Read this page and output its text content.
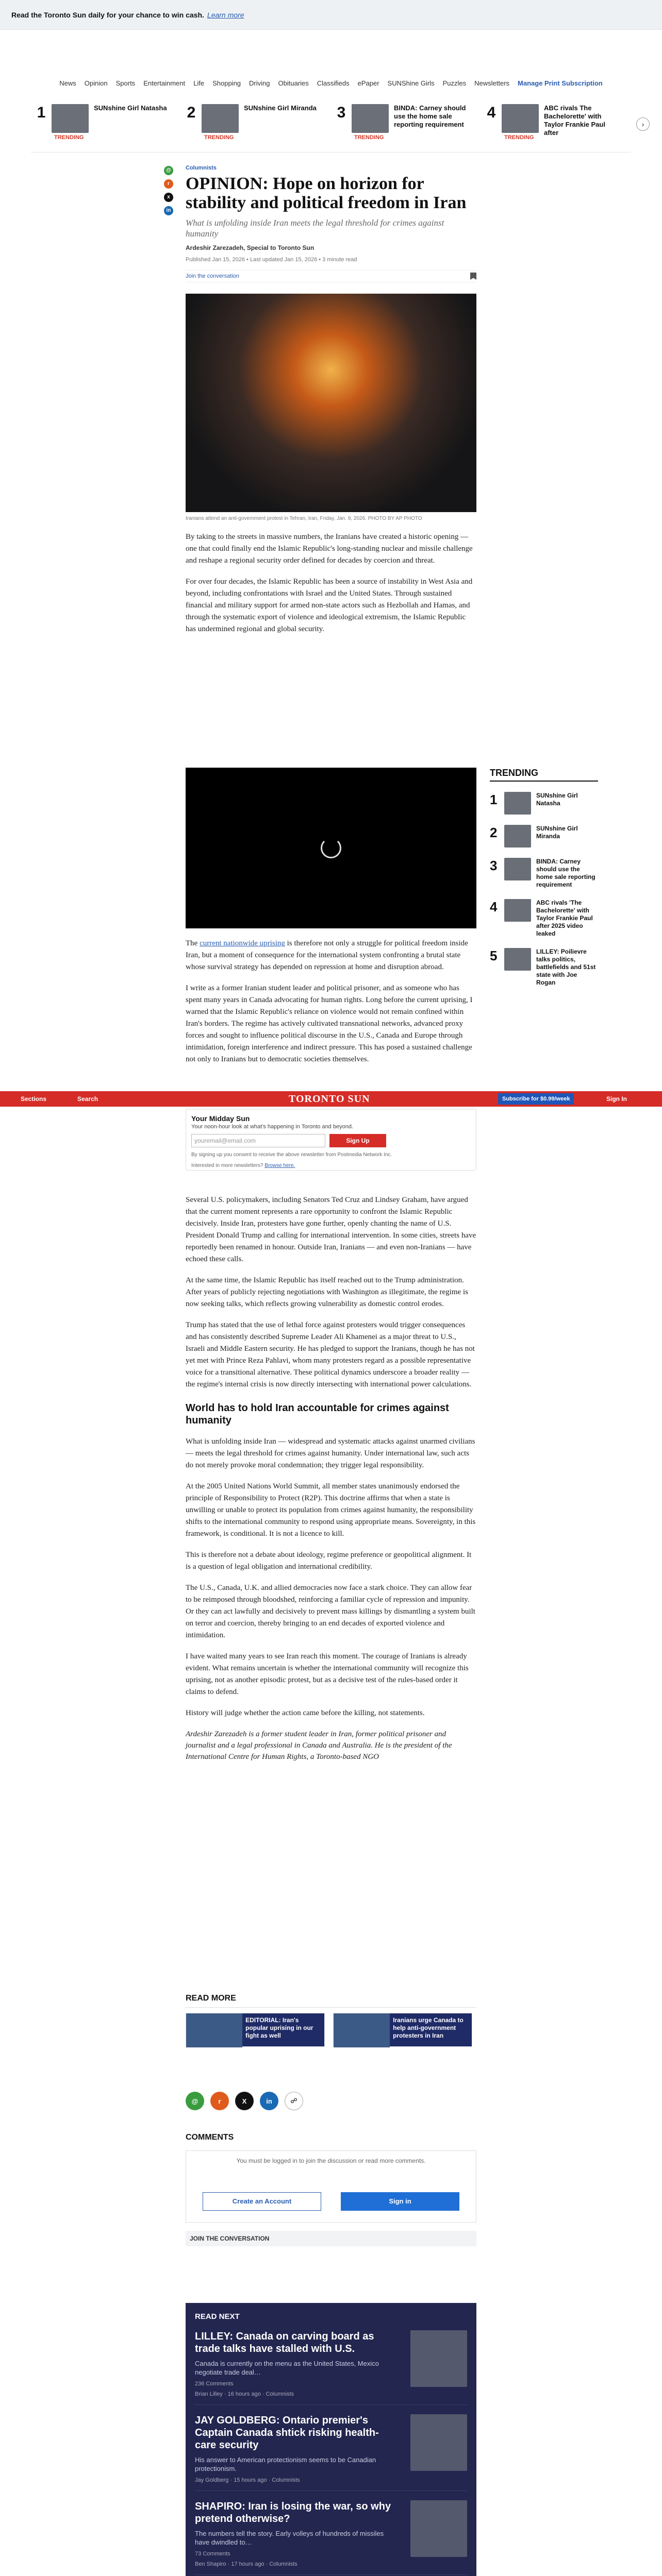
Read the Toronto Sun daily for your chance to win cash. Learn more
News	Opinion	Sports	Entertainment	Life	Shopping	Driving	Obituaries	Classifieds	ePaper	SUNShine Girls	Puzzles	Newsletters	Manage Print Subscription
1	SUNshine Girl Natasha
TRENDING
2	SUNshine Girl Miranda
TRENDING
3	BINDA: Carney should use the home sale reporting requirement
TRENDING
4	ABC rivals The Bachelorette' with Taylor Frankie Paul after
TRENDING
›
@
r
x
in
Columnists
OPINION: Hope on horizon for stability and political freedom in Iran
What is unfolding inside Iran meets the legal threshold for crimes against humanity
Ardeshir Zarezadeh, Special to Toronto Sun
Published Jan 15, 2026 • Last updated Jan 15, 2026 • 3 minute read
Join the conversation
Iranians attend an anti-government protest in Tehran, Iran, Friday, Jan. 9, 2026. PHOTO BY AP PHOTO

By taking to the streets in massive numbers, the Iranians have created a historic opening — one that could finally end the Islamic Republic's long-standing nuclear and missile challenge and reshape a regional security order defined for decades by coercion and threat.

For over four decades, the Islamic Republic has been a source of instability in West Asia and beyond, including confrontations with Israel and the United States. Through sustained financial and military support for armed non-state actors such as Hezbollah and Hamas, and through the systematic export of violence and ideological extremism, the Islamic Republic has undermined regional and global security.

The current nationwide uprising is therefore not only a struggle for political freedom inside Iran, but a moment of consequence for the international system confronting a brutal state whose survival strategy has depended on repression at home and disruption abroad.

I write as a former Iranian student leader and political prisoner, and as someone who has spent many years in Canada advocating for human rights. Long before the current uprising, I warned that the Islamic Republic's reliance on violence would not remain confined within Iran's borders. The regime has actively cultivated transnational networks, advanced proxy forces and sought to influence political discourse in the U.S., Canada and Europe through intimidation, foreign interference and indirect pressure. This has posed a sustained challenge not only to Iranians but to democratic societies themselves.

TRENDING
1	SUNshine Girl Natasha
2	SUNshine Girl Miranda
3	BINDA: Carney should use the home sale reporting requirement
4	ABC rivals 'The Bachelorette' with Taylor Frankie Paul after 2025 video leaked
5	LILLEY: Poilievre talks politics, battlefields and 51st state with Joe Rogan
Sections	Search	TORONTO SUN	Subscribe for $0.99/week	Sign In
Your Midday Sun
Your noon-hour look at what's happening in Toronto and beyond.
youremail@email.com	Sign Up
By signing up you consent to receive the above newsletter from Postmedia Network Inc.
Interested in more newsletters? Browse here.

Several U.S. policymakers, including Senators Ted Cruz and Lindsey Graham, have argued that the current moment represents a rare opportunity to confront the Islamic Republic decisively. Inside Iran, protesters have gone further, openly chanting the name of U.S. President Donald Trump and calling for international intervention. In some cities, streets have reportedly been renamed in honour. Outside Iran, Iranians — and even non-Iranians — have echoed these calls.

At the same time, the Islamic Republic has itself reached out to the Trump administration. After years of publicly rejecting negotiations with Washington as illegitimate, the regime is now seeking talks, which reflects growing vulnerability as domestic control erodes.

Trump has stated that the use of lethal force against protesters would trigger consequences and has consistently described Supreme Leader Ali Khamenei as a major threat to U.S., Israeli and Middle Eastern security. He has pledged to support the Iranians, though he has not yet met with Prince Reza Pahlavi, whom many protesters regard as a possible representative voice for a transitional alternative. These political dynamics underscore a broader reality — the regime's internal crisis is now directly intersecting with international power calculations.

World has to hold Iran accountable for crimes against humanity

What is unfolding inside Iran — widespread and systematic attacks against unarmed civilians — meets the legal threshold for crimes against humanity. Under international law, such acts do not merely provoke moral condemnation; they trigger legal responsibility.

At the 2005 United Nations World Summit, all member states unanimously endorsed the principle of Responsibility to Protect (R2P). This doctrine affirms that when a state is unwilling or unable to protect its population from crimes against humanity, the responsibility shifts to the international community to respond using appropriate means. Sovereignty, in this framework, is conditional. It is not a licence to kill.

This is therefore not a debate about ideology, regime preference or geopolitical alignment. It is a question of legal obligation and international credibility.

The U.S., Canada, U.K. and allied democracies now face a stark choice. They can allow fear to be reimposed through bloodshed, reinforcing a familiar cycle of repression and impunity. Or they can act lawfully and decisively to prevent mass killings by dismantling a system built on terror and coercion, thereby bringing to an end decades of exported violence and intimidation.

I have waited many years to see Iran reach this moment. The courage of Iranians is already evident. What remains uncertain is whether the international community will recognize this uprising, not as another episodic protest, but as a decisive test of the rules-based order it claims to defend.

History will judge whether the action came before the killing, not statements.

Ardeshir Zarezadeh is a former student leader in Iran, former political prisoner and journalist and a legal professional in Canada and Australia. He is the president of the International Centre for Human Rights, a Toronto-based NGO
READ MORE
EDITORIAL: Iran's popular uprising in our fight as well
Iranians urge Canada to help anti-government protesters in Iran
@	r	X	in	☍
COMMENTS
You must be logged in to join the discussion or read more comments.
Create an Account	Sign in
JOIN THE CONVERSATION
READ NEXT
LILLEY: Canada on carving board as trade talks have stalled with U.S.
Canada is currently on the menu as the United States, Mexico negotiate trade deal…
236 Comments
Brian Lilley · 16 hours ago · Columnists
JAY GOLDBERG: Ontario premier's Captain Canada shtick risking health-care security
His answer to American protectionism seems to be Canadian protectionism.
Jay Goldberg · 15 hours ago · Columnists
SHAPIRO: Iran is losing the war, so why pretend otherwise?
The numbers tell the story. Early volleys of hundreds of missiles have dwindled to…
73 Comments
Ben Shapiro · 17 hours ago · Columnists
